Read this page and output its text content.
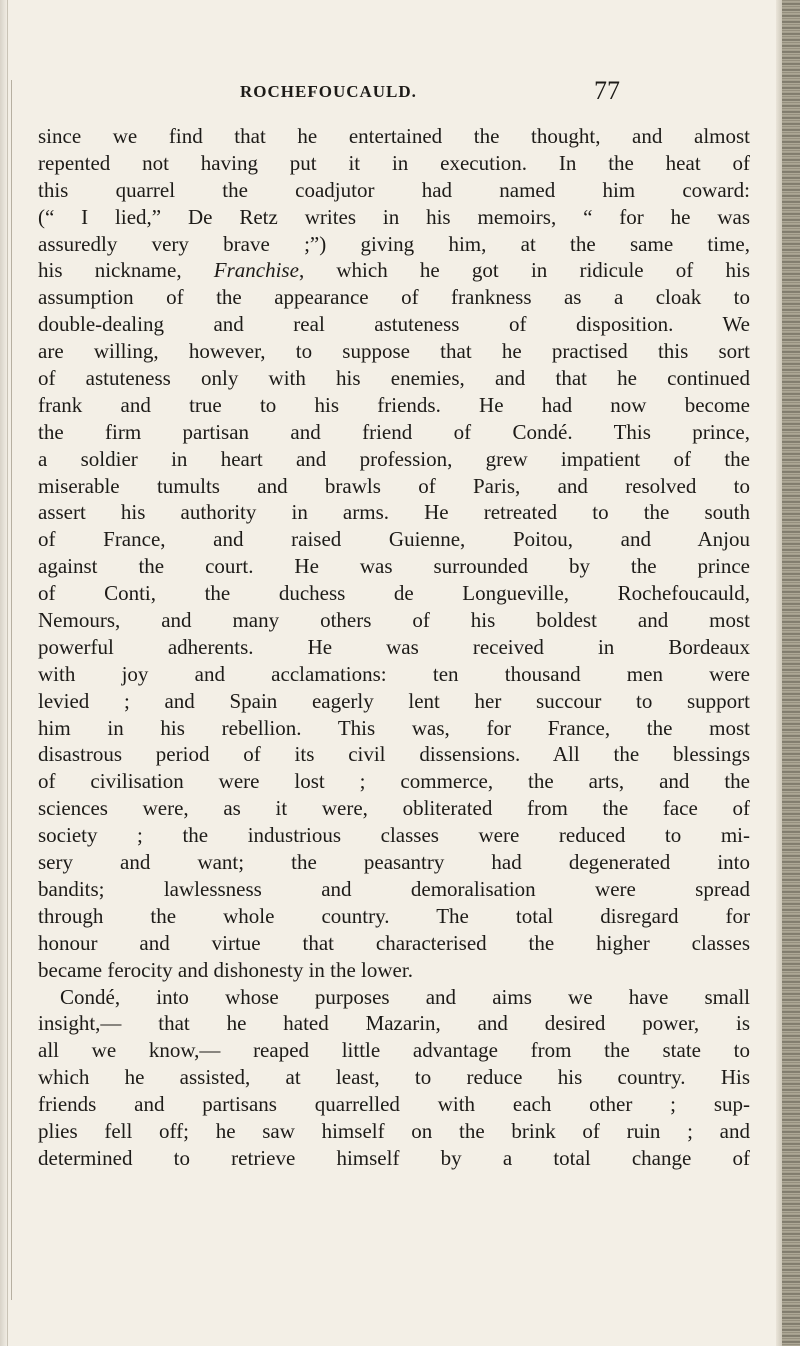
ROCHEFOUCAULD.	77
since we find that he entertained the thought, and almost
repented not having put it in execution. In the heat of
this quarrel the coadjutor had named him coward:
(“ I lied,” De Retz writes in his memoirs, “ for he was
assuredly very brave ;”) giving him, at the same time,
his nickname, Franchise, which he got in ridicule of his
assumption of the appearance of frankness as a cloak to
double-dealing and real astuteness of disposition. We
are willing, however, to suppose that he practised this sort
of astuteness only with his enemies, and that he continued
frank and true to his friends. He had now become
the firm partisan and friend of Condé. This prince,
a soldier in heart and profession, grew impatient of the
miserable tumults and brawls of Paris, and resolved to
assert his authority in arms. He retreated to the south
of France, and raised Guienne, Poitou, and Anjou
against the court. He was surrounded by the prince
of Conti, the duchess de Longueville, Rochefoucauld,
Nemours, and many others of his boldest and most
powerful adherents. He was received in Bordeaux
with joy and acclamations: ten thousand men were
levied ; and Spain eagerly lent her succour to support
him in his rebellion. This was, for France, the most
disastrous period of its civil dissensions. All the blessings
of civilisation were lost ; commerce, the arts, and the
sciences were, as it were, obliterated from the face of
society ; the industrious classes were reduced to mi-
sery and want; the peasantry had degenerated into
bandits; lawlessness and demoralisation were spread
through the whole country. The total disregard for
honour and virtue that characterised the higher classes
became ferocity and dishonesty in the lower.
Condé, into whose purposes and aims we have small
insight,— that he hated Mazarin, and desired power, is
all we know,— reaped little advantage from the state to
which he assisted, at least, to reduce his country. His
friends and partisans quarrelled with each other ; sup-
plies fell off; he saw himself on the brink of ruin ; and
determined to retrieve himself by a total change of
